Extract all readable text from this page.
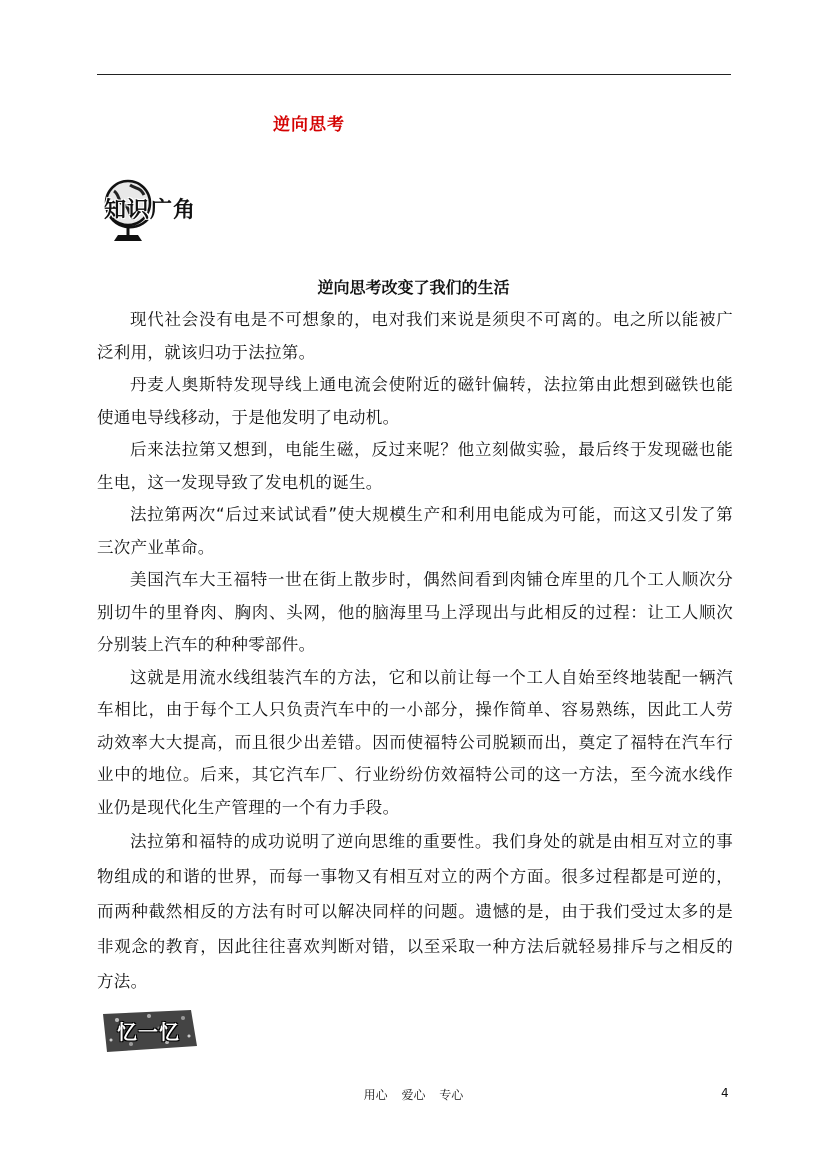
逆向思考
知识广角
逆向思考改变了我们的生活

现代社会没有电是不可想象的，电对我们来说是须臾不可离的。电之所以能被广泛利用，就该归功于法拉第。

丹麦人奥斯特发现导线上通电流会使附近的磁针偏转，法拉第由此想到磁铁也能使通电导线移动，于是他发明了电动机。

后来法拉第又想到，电能生磁，反过来呢？他立刻做实验，最后终于发现磁也能生电，这一发现导致了发电机的诞生。

法拉第两次“后过来试试看”使大规模生产和利用电能成为可能，而这又引发了第三次产业革命。

美国汽车大王福特一世在街上散步时，偶然间看到肉铺仓库里的几个工人顺次分别切牛的里脊肉、胸肉、头网，他的脑海里马上浮现出与此相反的过程：让工人顺次分别装上汽车的种种零部件。

这就是用流水线组装汽车的方法，它和以前让每一个工人自始至终地装配一辆汽车相比，由于每个工人只负责汽车中的一小部分，操作简单、容易熟练，因此工人劳动效率大大提高，而且很少出差错。因而使福特公司脱颖而出，奠定了福特在汽车行业中的地位。后来，其它汽车厂、行业纷纷仿效福特公司的这一方法，至今流水线作业仍是现代化生产管理的一个有力手段。

法拉第和福特的成功说明了逆向思维的重要性。我们身处的就是由相互对立的事物组成的和谐的世界，而每一事物又有相互对立的两个方面。很多过程都是可逆的，而两种截然相反的方法有时可以解决同样的问题。遗憾的是，由于我们受过太多的是非观念的教育，因此往往喜欢判断对错，以至采取一种方法后就轻易排斥与之相反的方法。

忆一忆
用心 爱心 专心	4
